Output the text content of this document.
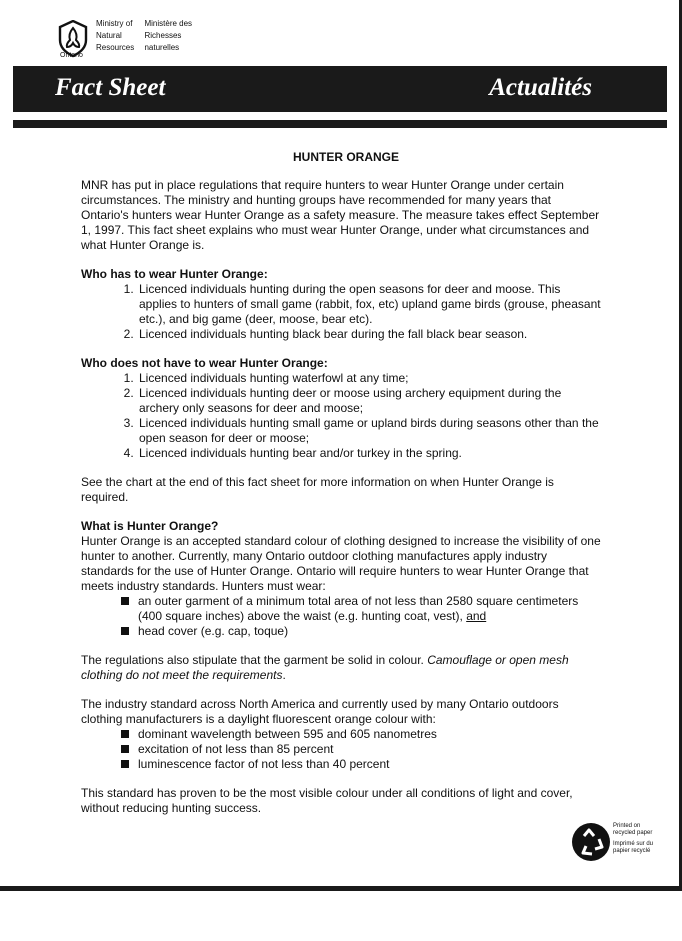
Ontario
Ministry of
Natural
Resources

Ministère des
Richesses
naturelles
Fact Sheet	Actualités
HUNTER ORANGE

MNR has put in place regulations that require hunters to wear Hunter Orange under certain circumstances. The ministry and hunting groups have recommended for many years that Ontario's hunters wear Hunter Orange as a safety measure. The measure takes effect September 1, 1997. This fact sheet explains who must wear Hunter Orange, under what circumstances and what Hunter Orange is.

Who has to wear Hunter Orange:

1. Licenced individuals hunting during the open seasons for deer and moose. This applies to hunters of small game (rabbit, fox, etc) upland game birds (grouse, pheasant etc.), and big game (deer, moose, bear etc).
2. Licenced individuals hunting black bear during the fall black bear season.

Who does not have to wear Hunter Orange:

1. Licenced individuals hunting waterfowl at any time;
2. Licenced individuals hunting deer or moose using archery equipment during the archery only seasons for deer and moose;
3. Licenced individuals hunting small game or upland birds during seasons other than the open season for deer or moose;
4. Licenced individuals hunting bear and/or turkey in the spring.

See the chart at the end of this fact sheet for more information on when Hunter Orange is required.

What is Hunter Orange?

Hunter Orange is an accepted standard colour of clothing designed to increase the visibility of one hunter to another. Currently, many Ontario outdoor clothing manufactures apply industry standards for the use of Hunter Orange. Ontario will require hunters to wear Hunter Orange that meets industry standards. Hunters must wear:

an outer garment of a minimum total area of not less than 2580 square centimeters (400 square inches) above the waist (e.g. hunting coat, vest), and
head cover (e.g. cap, toque)

The regulations also stipulate that the garment be solid in colour. Camouflage or open mesh clothing do not meet the requirements.

The industry standard across North America and currently used by many Ontario outdoors clothing manufacturers is a daylight fluorescent orange colour with:

dominant wavelength between 595 and 605 nanometres
excitation of not less than 85 percent
luminescence factor of not less than 40 percent

This standard has proven to be the most visible colour under all conditions of light and cover, without reducing hunting success.

Printed on
recycled paper
Imprimé sur du
papier recyclé
